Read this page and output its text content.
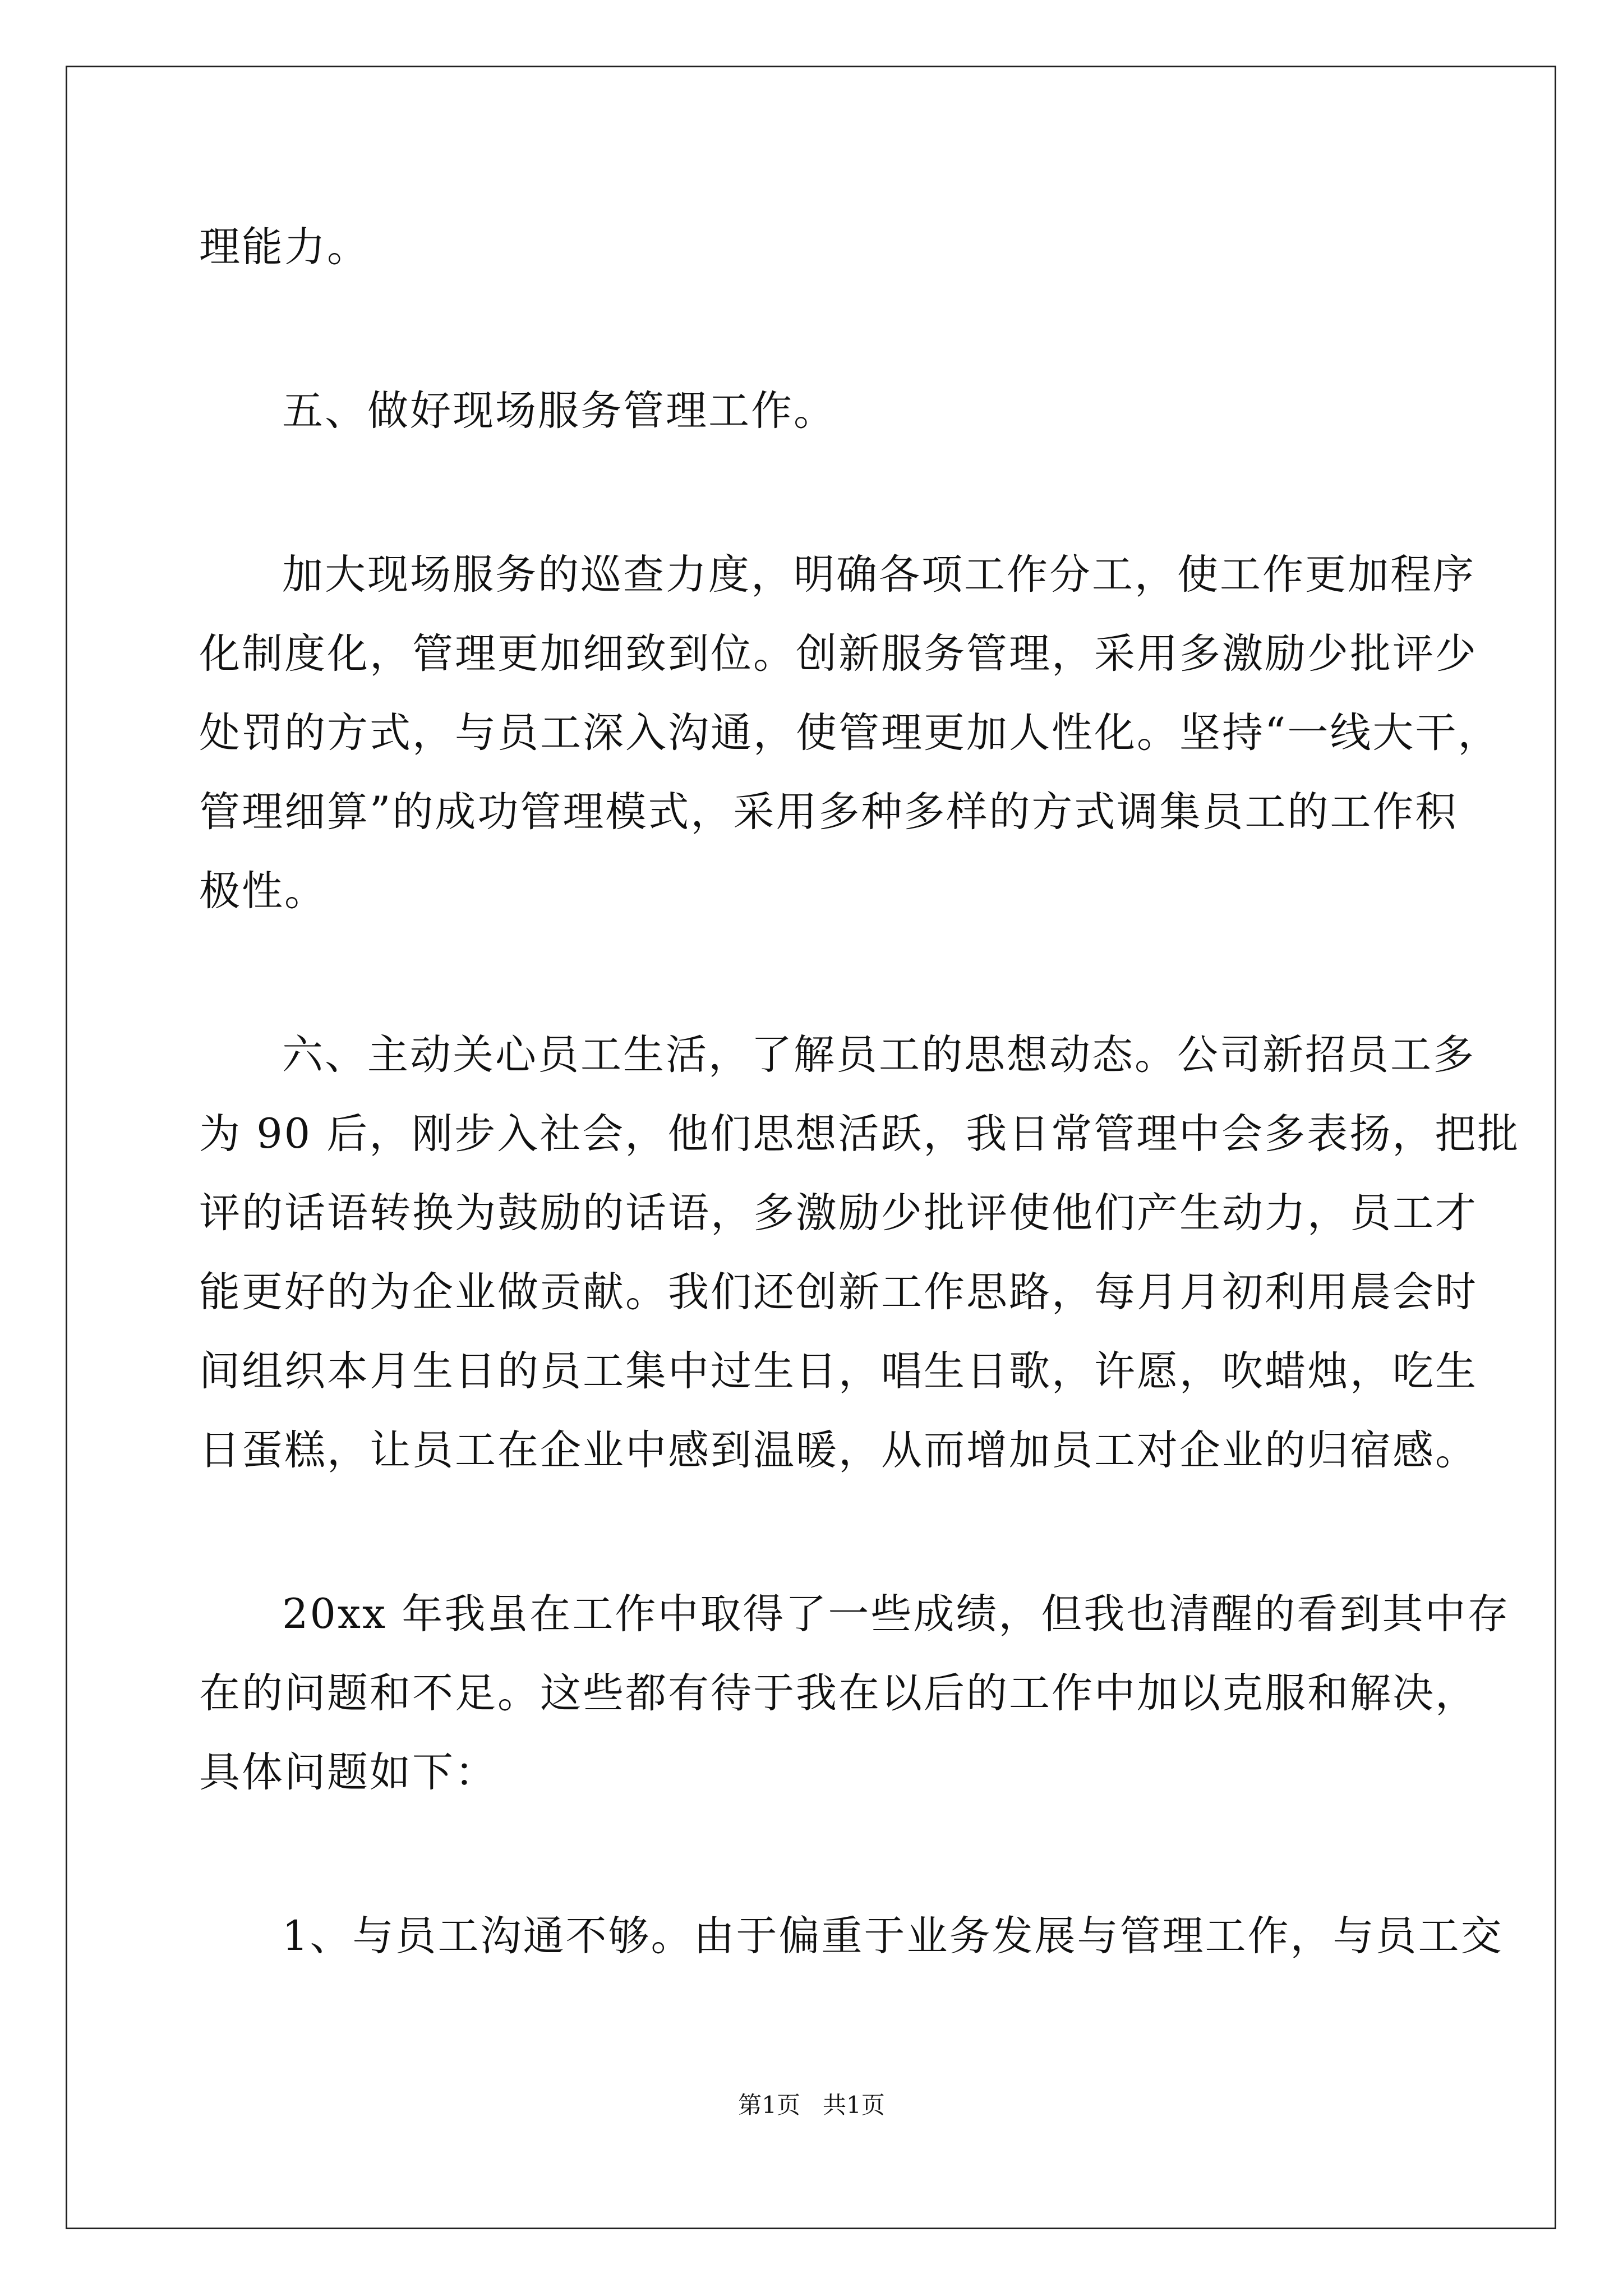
理能力。
五、做好现场服务管理工作。
加大现场服务的巡查力度，明确各项工作分工，使工作更加程序
化制度化，管理更加细致到位。创新服务管理，采用多激励少批评少
处罚的方式，与员工深入沟通，使管理更加人性化。坚持“一线大干，
管理细算”的成功管理模式，采用多种多样的方式调集员工的工作积
极性。
六、主动关心员工生活，了解员工的思想动态。公司新招员工多
为 90 后，刚步入社会，他们思想活跃，我日常管理中会多表扬，把批
评的话语转换为鼓励的话语，多激励少批评使他们产生动力，员工才
能更好的为企业做贡献。我们还创新工作思路，每月月初利用晨会时
间组织本月生日的员工集中过生日，唱生日歌，许愿，吹蜡烛，吃生
日蛋糕，让员工在企业中感到温暖，从而增加员工对企业的归宿感。
20xx 年我虽在工作中取得了一些成绩，但我也清醒的看到其中存
在的问题和不足。这些都有待于我在以后的工作中加以克服和解决，
具体问题如下：
1、与员工沟通不够。由于偏重于业务发展与管理工作，与员工交
第1页   共1页
